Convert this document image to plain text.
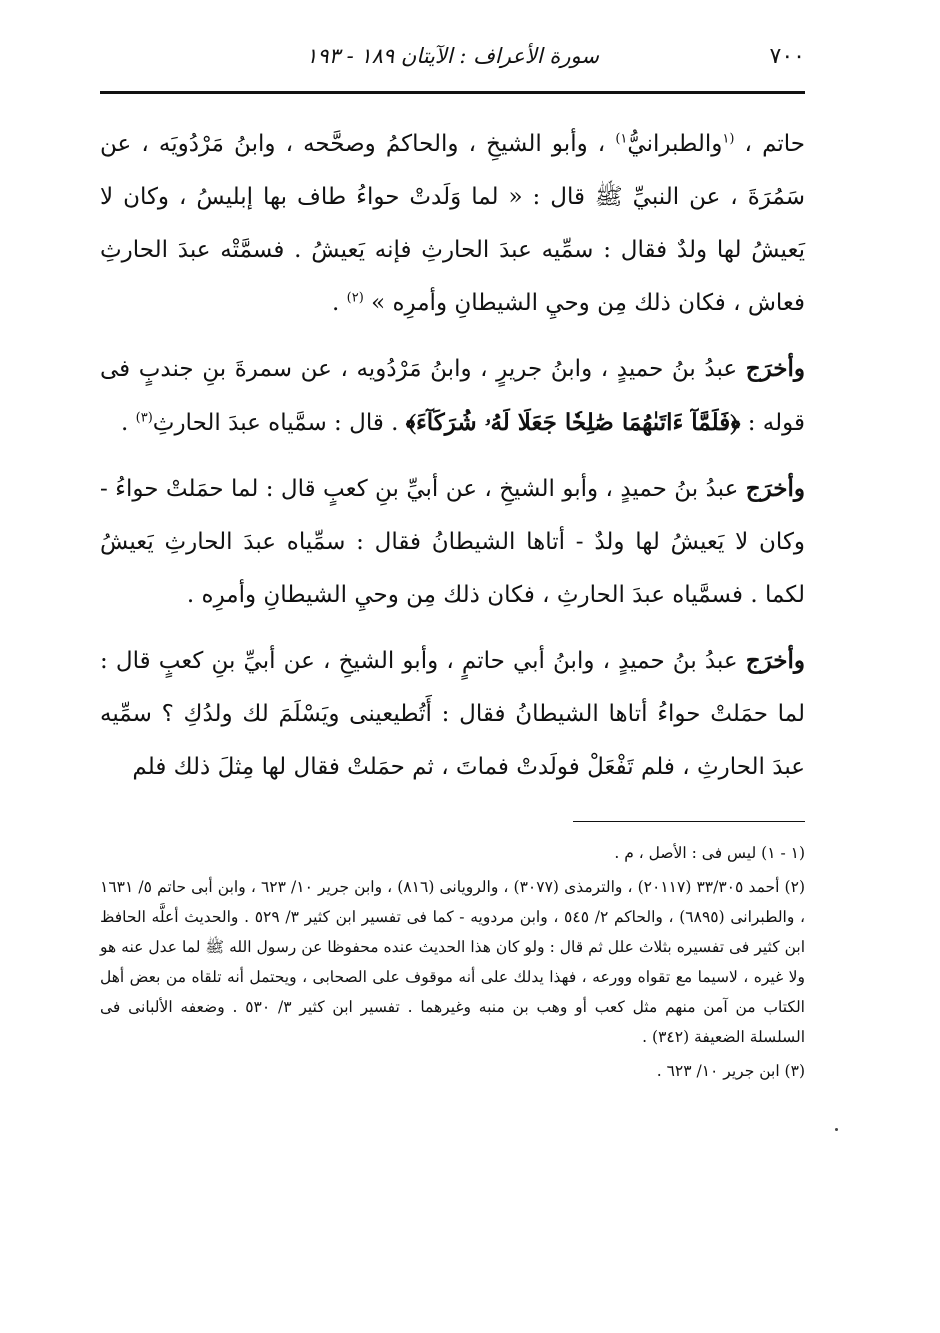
٧٠٠
سورة الأعراف : الآيتان ١٨٩ - ١٩٣

حاتم ، $^{(١}$والطبرانيُّ$^{١)}$ ، وأبو الشيخِ ، والحاكمُ وصحَّحه ، وابنُ مَرْدُويَه ، عن سَمُرَةَ ، عن النبيِّ ﷺ قال : « لما وَلَدتْ حواءُ طاف بها إبليسُ ، وكان لا يَعيشُ لها ولدٌ فقال : سمِّيه عبدَ الحارثِ فإنه يَعيشُ . فسمَّتْه عبدَ الحارثِ فعاش ، فكان ذلك مِن وحيِ الشيطانِ وأمرِه » $^{(٢)}$ .

وأخرَج عبدُ بنُ حميدٍ ، وابنُ جريرٍ ، وابنُ مَرْدُويه ، عن سمرةَ بنِ جندبٍ فى قوله : ﴿فَلَمَّآ ءَاتَىٰهُمَا صَٰلِحٗا جَعَلَا لَهُۥ شُرَكَآءَ﴾ . قال : سمَّياه عبدَ الحارثِ$^{(٣)}$ .

وأخرَج عبدُ بنُ حميدٍ ، وأبو الشيخِ ، عن أبيِّ بنِ كعبٍ قال : لما حمَلتْ حواءُ - وكان لا يَعيشُ لها ولدٌ - أتاها الشيطانُ فقال : سمِّياه عبدَ الحارثِ يَعيشُ لكما . فسمَّياه عبدَ الحارثِ ، فكان ذلك مِن وحيِ الشيطانِ وأمرِه .

وأخرَج عبدُ بنُ حميدٍ ، وابنُ أبي حاتمٍ ، وأبو الشيخِ ، عن أبيِّ بنِ كعبٍ قال : لما حمَلتْ حواءُ أتاها الشيطانُ فقال : أَتُطيعينى ويَسْلَمَ لك ولدُكِ ؟ سمِّيه عبدَ الحارثِ ، فلم تَفْعَلْ فولَدتْ فماتَ ، ثم حمَلتْ فقال لها مِثلَ ذلك فلم

(١ - ١) ليس فى : الأصل ، م .

(٢) أحمد ٣٣/٣٠٥ (٢٠١١٧) ، والترمذى (٣٠٧٧) ، والرويانى (٨١٦) ، وابن جرير ١٠/ ٦٢٣ ، وابن أبى حاتم ٥/ ١٦٣١ ، والطبرانى (٦٨٩٥) ، والحاكم ٢/ ٥٤٥ ، وابن مردويه - كما فى تفسير ابن كثير ٣/ ٥٢٩ . والحديث أعلَّه الحافظ ابن كثير فى تفسيره بثلاث علل ثم قال : ولو كان هذا الحديث عنده محفوظا عن رسول الله ﷺ لما عدل عنه هو ولا غيره ، لاسيما مع تقواه وورعه ، فهذا يدلك على أنه موقوف على الصحابى ، ويحتمل أنه تلقاه من بعض أهل الكتاب من آمن منهم مثل كعب أو وهب بن منبه وغيرهما . تفسير ابن كثير ٣/ ٥٣٠ . وضعفه الألبانى فى السلسلة الضعيفة (٣٤٢) .

(٣) ابن جرير ١٠/ ٦٢٣ .
